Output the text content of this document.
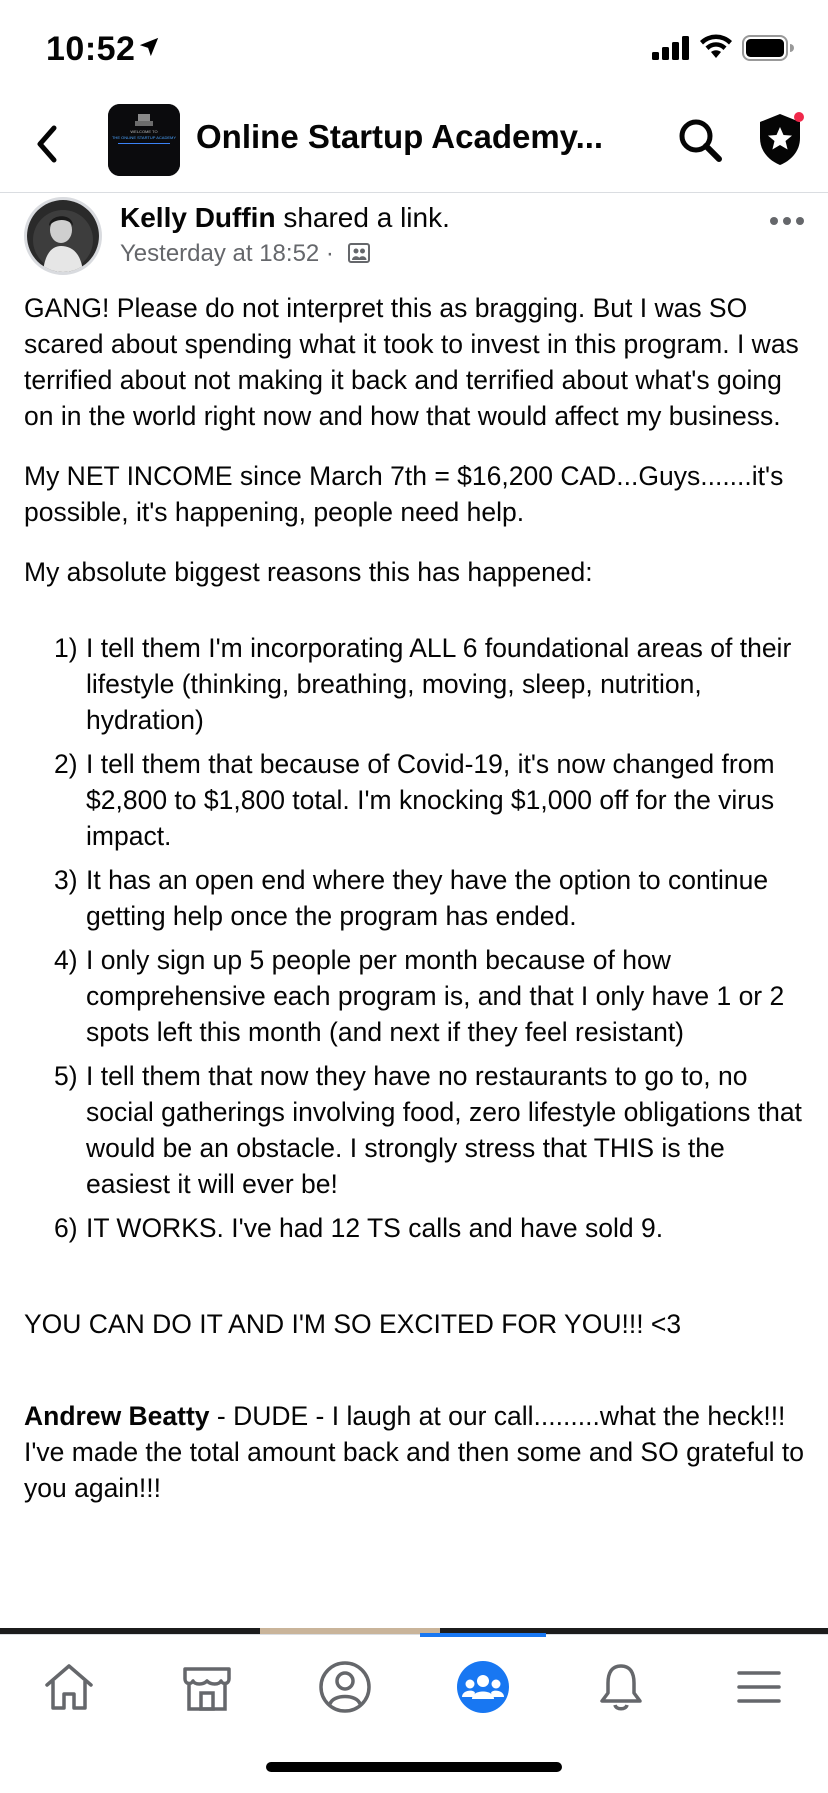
10:52
WELCOME TO
THE ONLINE STARTUP ACADEMY Online Startup Academy...
Kelly Duffin shared a link.
Yesterday at 18:52 ·

GANG! Please do not interpret this as bragging. But I was SO scared about spending what it took to invest in this program. I was terrified about not making it back and terrified about what's going on in the world right now and how that would affect my business.

My NET INCOME since March 7th = $16,200 CAD...Guys.......it's possible, it's happening, people need help.

My absolute biggest reasons this has happened:

1) I tell them I'm incorporating ALL 6 foundational areas of their lifestyle (thinking, breathing, moving, sleep, nutrition, hydration)
2) I tell them that because of Covid-19, it's now changed from $2,800 to $1,800 total. I'm knocking $1,000 off for the virus impact.
3) It has an open end where they have the option to continue getting help once the program has ended.
4) I only sign up 5 people per month because of how comprehensive each program is, and that I only have 1 or 2 spots left this month (and next if they feel resistant)
5) I tell them that now they have no restaurants to go to, no social gatherings involving food, zero lifestyle obligations that would be an obstacle. I strongly stress that THIS is the easiest it will ever be!
6) IT WORKS. I've had 12 TS calls and have sold 9.

YOU CAN DO IT AND I'M SO EXCITED FOR YOU!!! <3

Andrew Beatty - DUDE - I laugh at our call.........what the heck!!! I've made the total amount back and then some and SO grateful to you again!!!
